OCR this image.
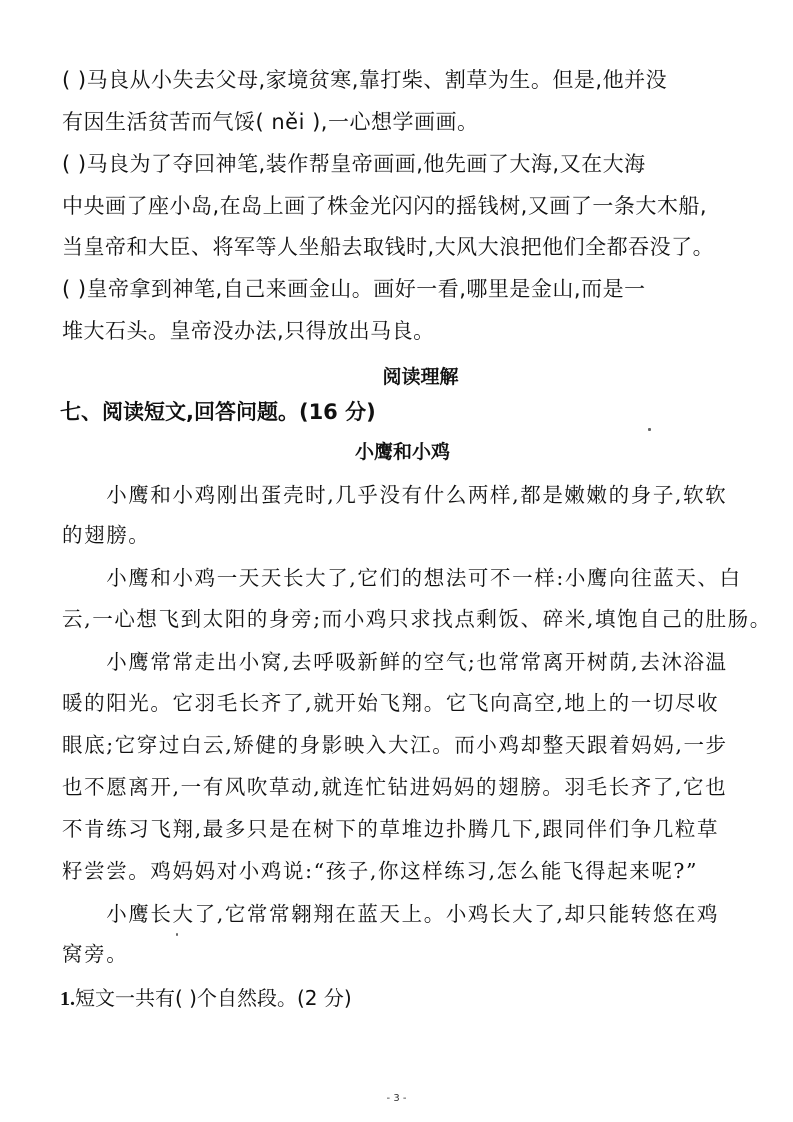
( )马良从小失去父母,家境贫寒,靠打柴、割草为生。但是,他并没
有因生活贫苦而气馁( něi ),一心想学画画。
( )马良为了夺回神笔,装作帮皇帝画画,他先画了大海,又在大海
中央画了座小岛,在岛上画了株金光闪闪的摇钱树,又画了一条大木船,
当皇帝和大臣、将军等人坐船去取钱时,大风大浪把他们全都吞没了。
( )皇帝拿到神笔,自己来画金山。画好一看,哪里是金山,而是一
堆大石头。皇帝没办法,只得放出马良。
阅读理解
七、阅读短文,回答问题。(16 分)
小鹰和小鸡
　　小鹰和小鸡刚出蛋壳时,几乎没有什么两样,都是嫩嫩的身子,软软
的翅膀。
　　小鹰和小鸡一天天长大了,它们的想法可不一样:小鹰向往蓝天、白
云,一心想飞到太阳的身旁;而小鸡只求找点剩饭、碎米,填饱自己的肚肠。
　　小鹰常常走出小窝,去呼吸新鲜的空气;也常常离开树荫,去沐浴温
暖的阳光。它羽毛长齐了,就开始飞翔。它飞向高空,地上的一切尽收
眼底;它穿过白云,矫健的身影映入大江。而小鸡却整天跟着妈妈,一步
也不愿离开,一有风吹草动,就连忙钻进妈妈的翅膀。羽毛长齐了,它也
不肯练习飞翔,最多只是在树下的草堆边扑腾几下,跟同伴们争几粒草
籽尝尝。鸡妈妈对小鸡说:“孩子,你这样练习,怎么能飞得起来呢?”
　　小鹰长大了,它常常翱翔在蓝天上。小鸡长大了,却只能转悠在鸡
窝旁。
1.短文一共有( )个自然段。(2 分)
- 3 -
